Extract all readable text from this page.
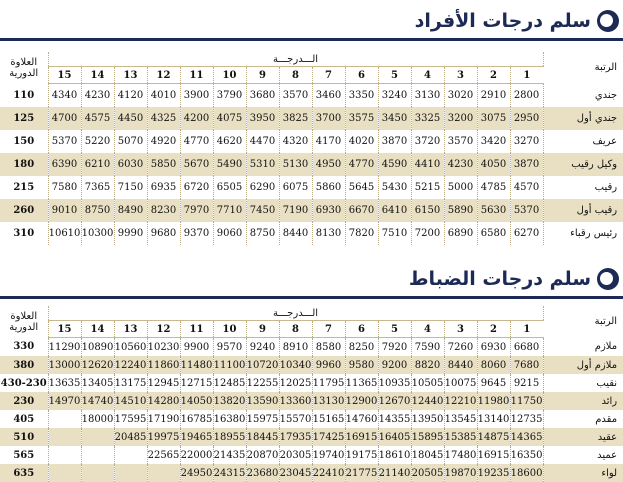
سلم درجات الأفراد
العلاوة
الدورية	الـــدرجـــة															الرتبة
	15	14	13	12	11	10	9	8	7	6	5	4	3	2	1	
110	4340	4230	4120	4010	3900	3790	3680	3570	3460	3350	3240	3130	3020	2910	2800	جندي
125	4700	4575	4450	4325	4200	4075	3950	3825	3700	3575	3450	3325	3200	3075	2950	جندي أول
150	5370	5220	5070	4920	4770	4620	4470	4320	4170	4020	3870	3720	3570	3420	3270	عريف
180	6390	6210	6030	5850	5670	5490	5310	5130	4950	4770	4590	4410	4230	4050	3870	وكيل رقيب
215	7580	7365	7150	6935	6720	6505	6290	6075	5860	5645	5430	5215	5000	4785	4570	رقيب
260	9010	8750	8490	8230	7970	7710	7450	7190	6930	6670	6410	6150	5890	5630	5370	رقيب أول
310	10610	10300	9990	9680	9370	9060	8750	8440	8130	7820	7510	7200	6890	6580	6270	رئيس رقباء
سلم درجات الضباط
العلاوة
الدورية	الـــدرجـــة															الرتبة
	15	14	13	12	11	10	9	8	7	6	5	4	3	2	1	
330	11290	10890	10560	10230	9900	9570	9240	8910	8580	8250	7920	7590	7260	6930	6680	ملازم
380	13000	12620	12240	11860	11480	11100	10720	10340	9960	9580	9200	8820	8440	8060	7680	ملازم أول
430-230	13635	13405	13175	12945	12715	12485	12255	12025	11795	11365	10935	10505	10075	9645	9215	نقيب
230	14970	14740	14510	14280	14050	13820	13590	13360	13130	12900	12670	12440	12210	11980	11750	رائد
405		18000	17595	17190	16785	16380	15975	15570	15165	14760	14355	13950	13545	13140	12735	مقدم
510			20485	19975	19465	18955	18445	17935	17425	16915	16405	15895	15385	14875	14365	عقيد
565				22565	22000	21435	20870	20305	19740	19175	18610	18045	17480	16915	16350	عميد
635					24950	24315	23680	23045	22410	21775	21140	20505	19870	19235	18600	لواء
